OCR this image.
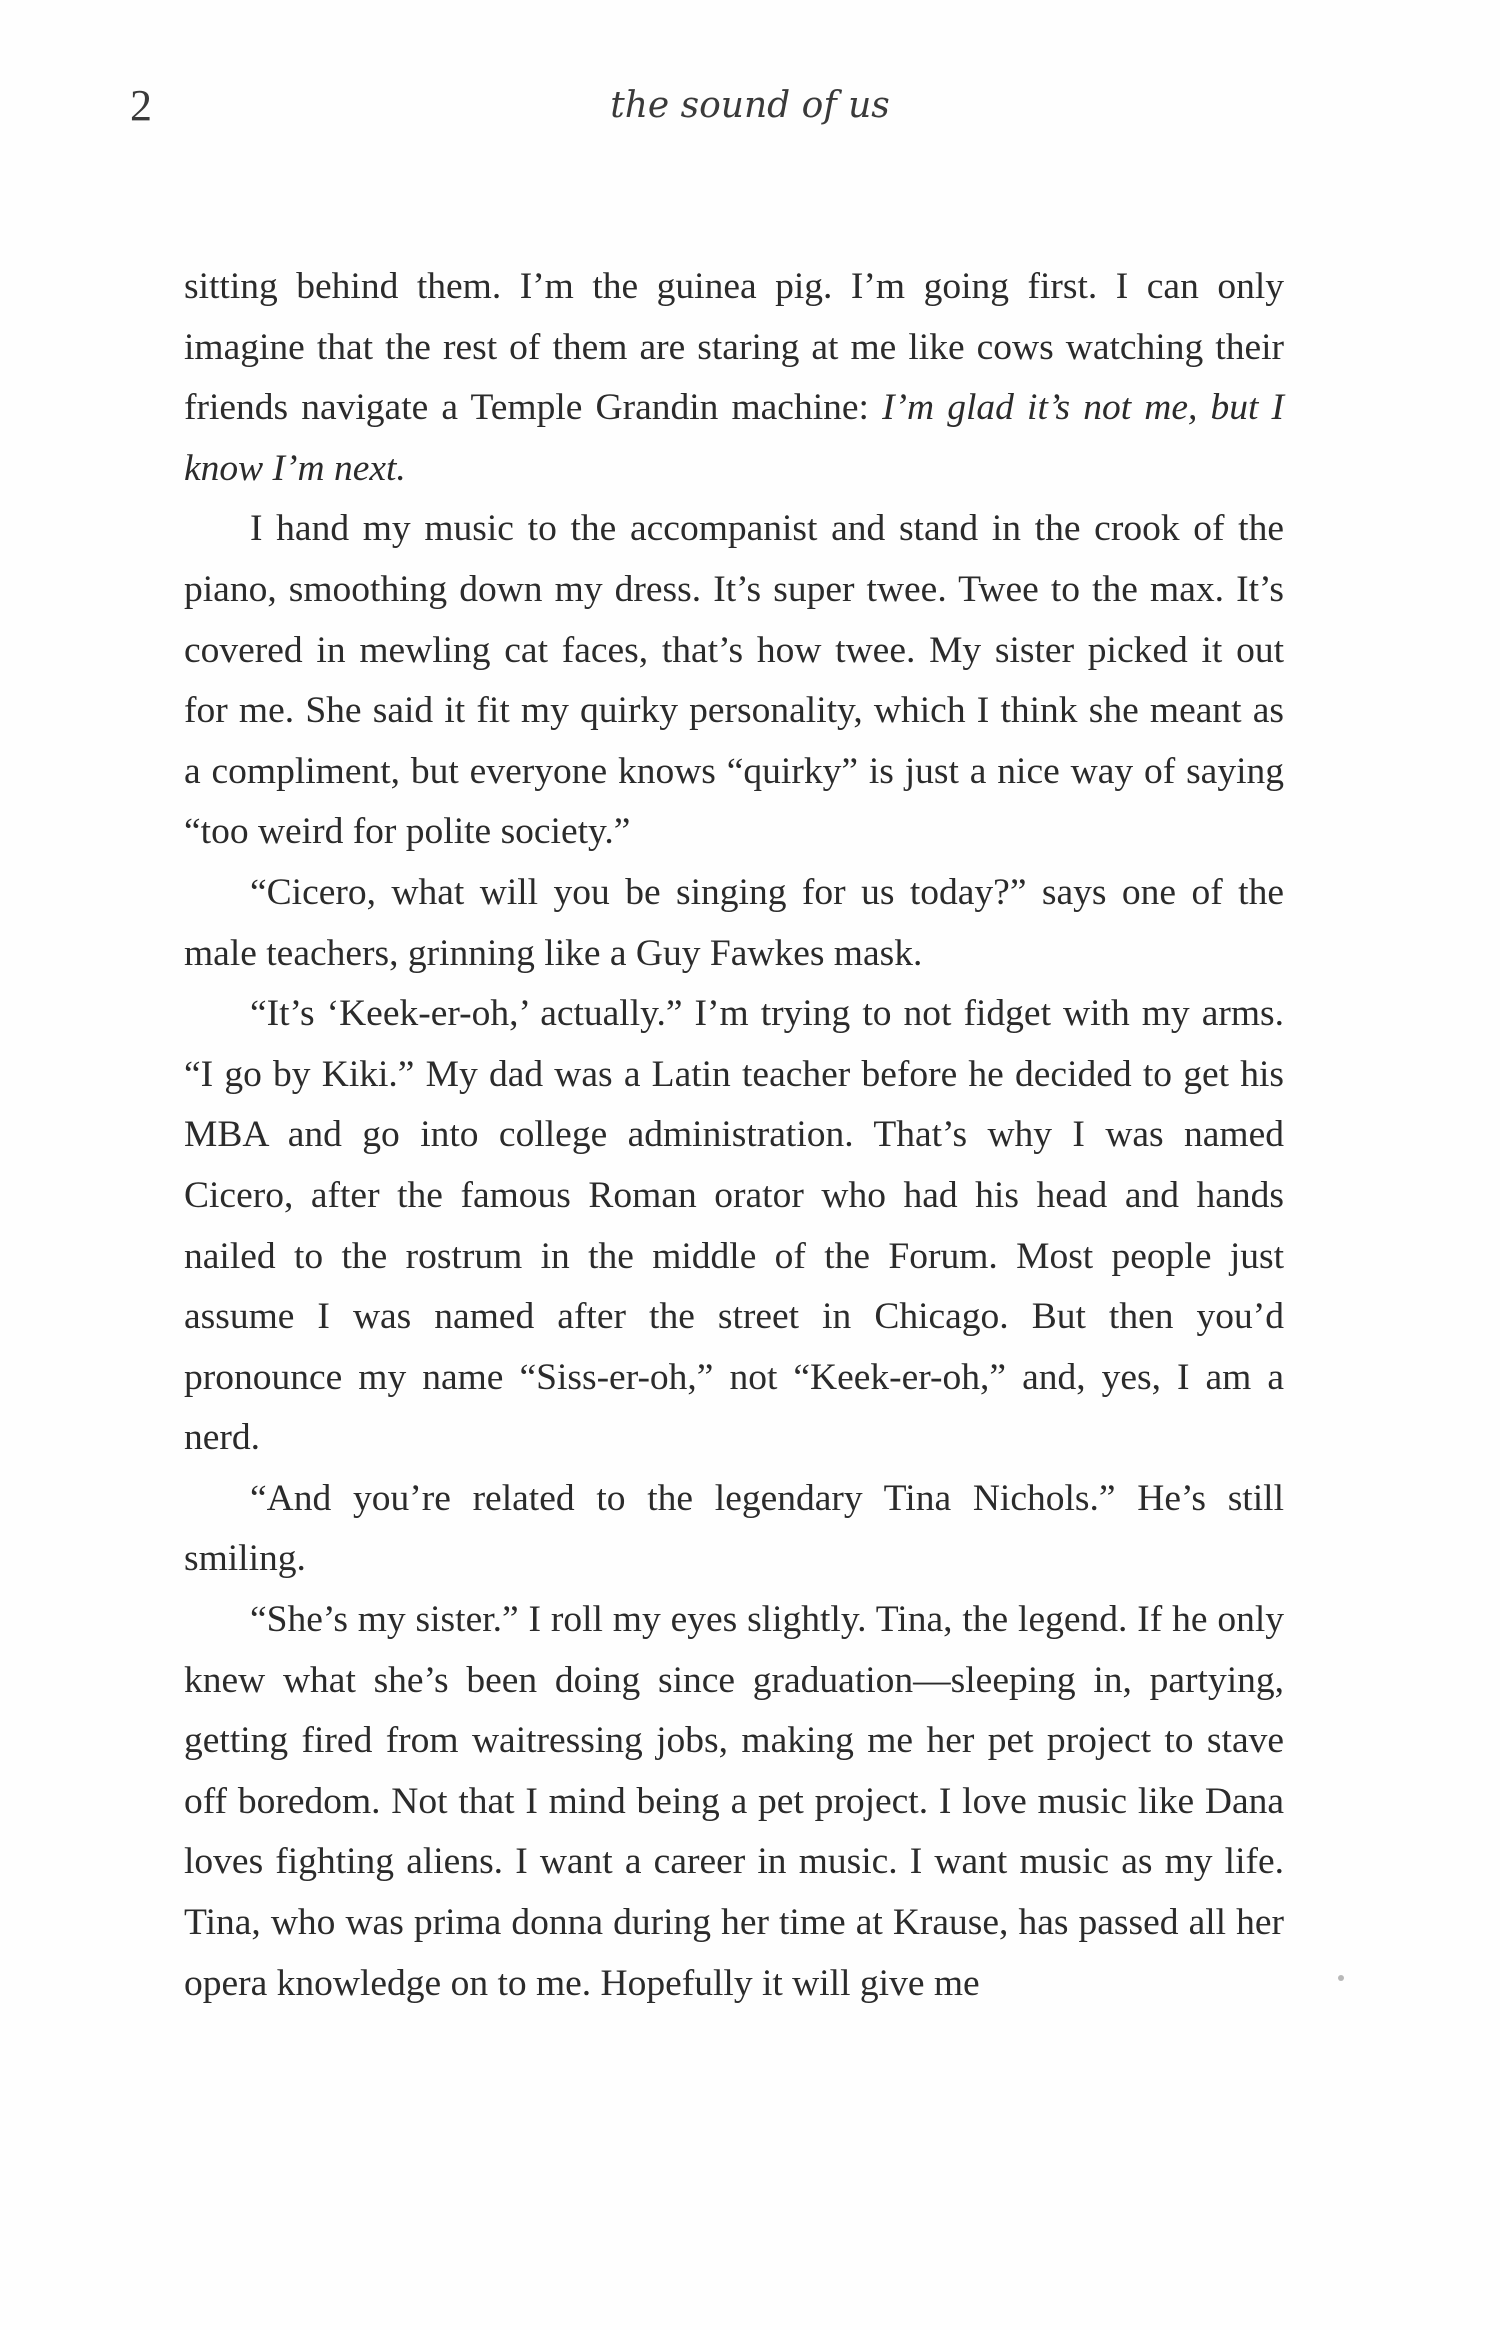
2	the sound of us

sitting behind them. I’m the guinea pig. I’m going first. I can only imagine that the rest of them are staring at me like cows watching their friends navigate a Temple Grandin machine: I’m glad it’s not me, but I know I’m next.

I hand my music to the accompanist and stand in the crook of the piano, smoothing down my dress. It’s super twee. Twee to the max. It’s covered in mewling cat faces, that’s how twee. My sister picked it out for me. She said it fit my quirky personality, which I think she meant as a compliment, but everyone knows “quirky” is just a nice way of saying “too weird for polite society.”

“Cicero, what will you be singing for us today?” says one of the male teachers, grinning like a Guy Fawkes mask.

“It’s ‘Keek-er-oh,’ actually.” I’m trying to not fidget with my arms. “I go by Kiki.” My dad was a Latin teacher before he decided to get his MBA and go into college administration. That’s why I was named Cicero, after the famous Roman orator who had his head and hands nailed to the rostrum in the middle of the Forum. Most people just assume I was named after the street in Chicago. But then you’d pronounce my name “Siss-er-oh,” not “Keek-er-oh,” and, yes, I am a nerd.

“And you’re related to the legendary Tina Nichols.” He’s still smiling.

“She’s my sister.” I roll my eyes slightly. Tina, the legend. If he only knew what she’s been doing since graduation—sleeping in, partying, getting fired from waitressing jobs, making me her pet project to stave off boredom. Not that I mind being a pet project. I love music like Dana loves fighting aliens. I want a career in music. I want music as my life. Tina, who was prima donna during her time at Krause, has passed all her opera knowledge on to me. Hopefully it will give me
